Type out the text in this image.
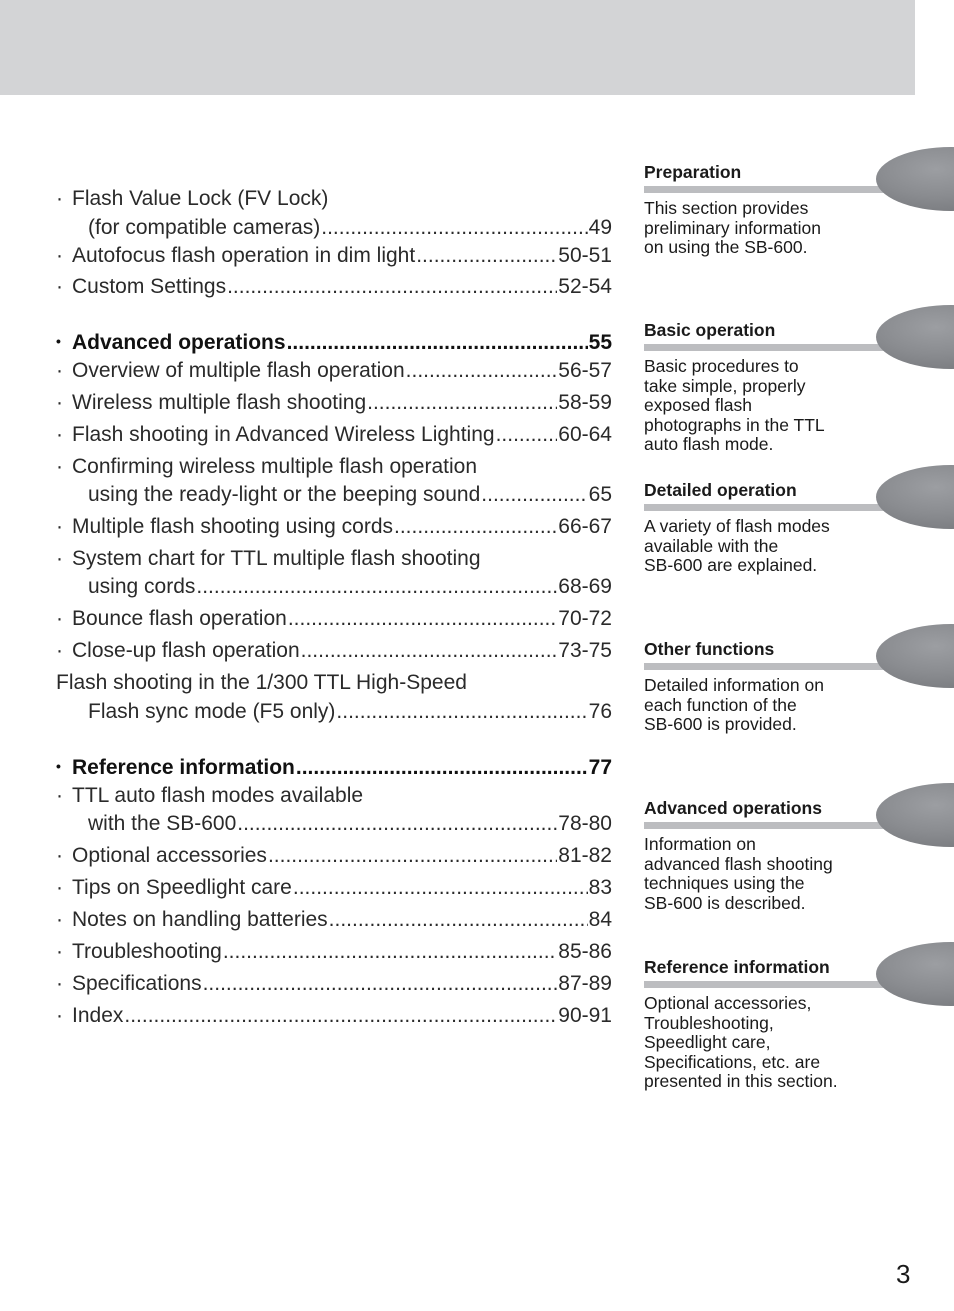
· Flash Value Lock (FV Lock)
(for compatible cameras) .....	49
· Autofocus flash operation in dim light .....	50-51
· Custom Settings .....	52-54
• Advanced operations .....	55
· Overview of multiple flash operation .....	56-57
· Wireless multiple flash shooting .....	58-59
· Flash shooting in Advanced Wireless Lighting .....	60-64
· Confirming wireless multiple flash operation
using the ready-light or the beeping sound .....	65
· Multiple flash shooting using cords .....	66-67
· System chart for TTL multiple flash shooting
using cords .....	68-69
· Bounce flash operation .....	70-72
· Close-up flash operation .....	73-75
Flash shooting in the 1/300 TTL High-Speed
Flash sync mode (F5 only) .....	76
• Reference information .....	77
· TTL auto flash modes available
with the SB-600 .....	78-80
· Optional accessories .....	81-82
· Tips on Speedlight care .....	83
· Notes on handling batteries .....	84
· Troubleshooting .....	85-86
· Specifications .....	87-89
· Index .....	90-91
Preparation
This section provides
preliminary information
on using the SB-600.
Basic operation
Basic procedures to
take simple, properly
exposed flash
photographs in the TTL
auto flash mode.
Detailed operation
A variety of flash modes
available with the
SB-600 are explained.
Other functions
Detailed information on
each function of the
SB-600 is provided.
Advanced operations
Information on
advanced flash shooting
techniques using the
SB-600 is described.
Reference information
Optional accessories,
Troubleshooting,
Speedlight care,
Specifications, etc. are
presented in this section.
3
